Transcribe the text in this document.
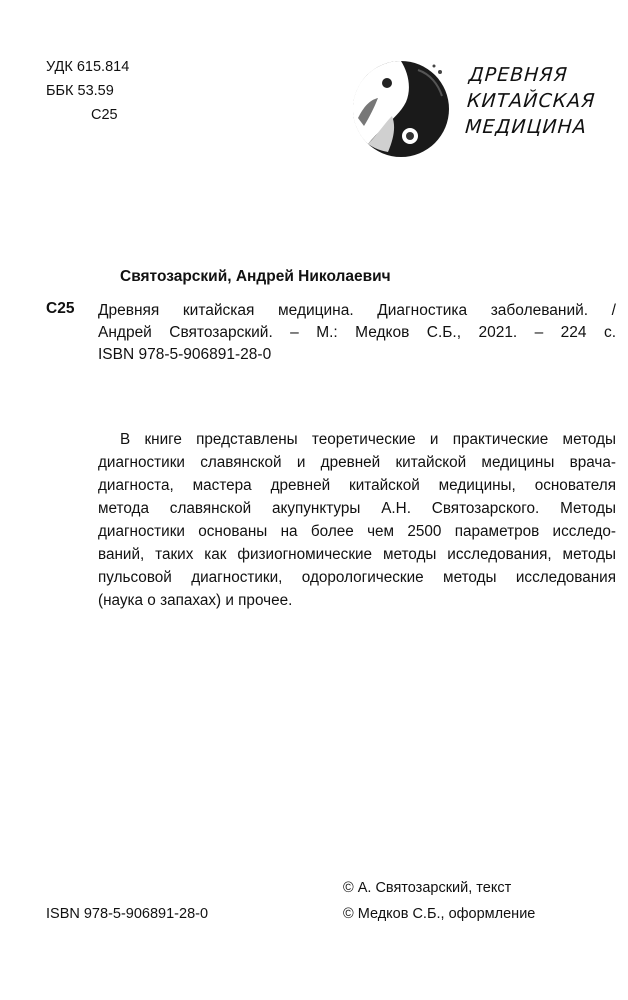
УДК 615.814
ББК 53.59
С25
ДРЕВНЯЯ
КИТАЙСКАЯ
МЕДИЦИНА
Святозарский, Андрей Николаевич
С25 Древняя китайская медицина. Диагностика заболеваний. /
Андрей Святозарский. – М.: Медков С.Б., 2021. – 224 с.
ISBN 978-5-906891-28-0
В книге представлены теоретические и практические методы
диагностики славянской и древней китайской медицины врача-
диагноста, мастера древней китайской медицины, основателя
метода славянской акупунктуры А.Н. Святозарского. Методы
диагностики основаны на более чем 2500 параметров исследо-
ваний, таких как физиогномические методы исследования, методы
пульсовой диагностики, одорологические методы исследования
(наука о запахах) и прочее.
ISBN 978-5-906891-28-0
© А. Святозарский, текст
© Медков С.Б., оформление
